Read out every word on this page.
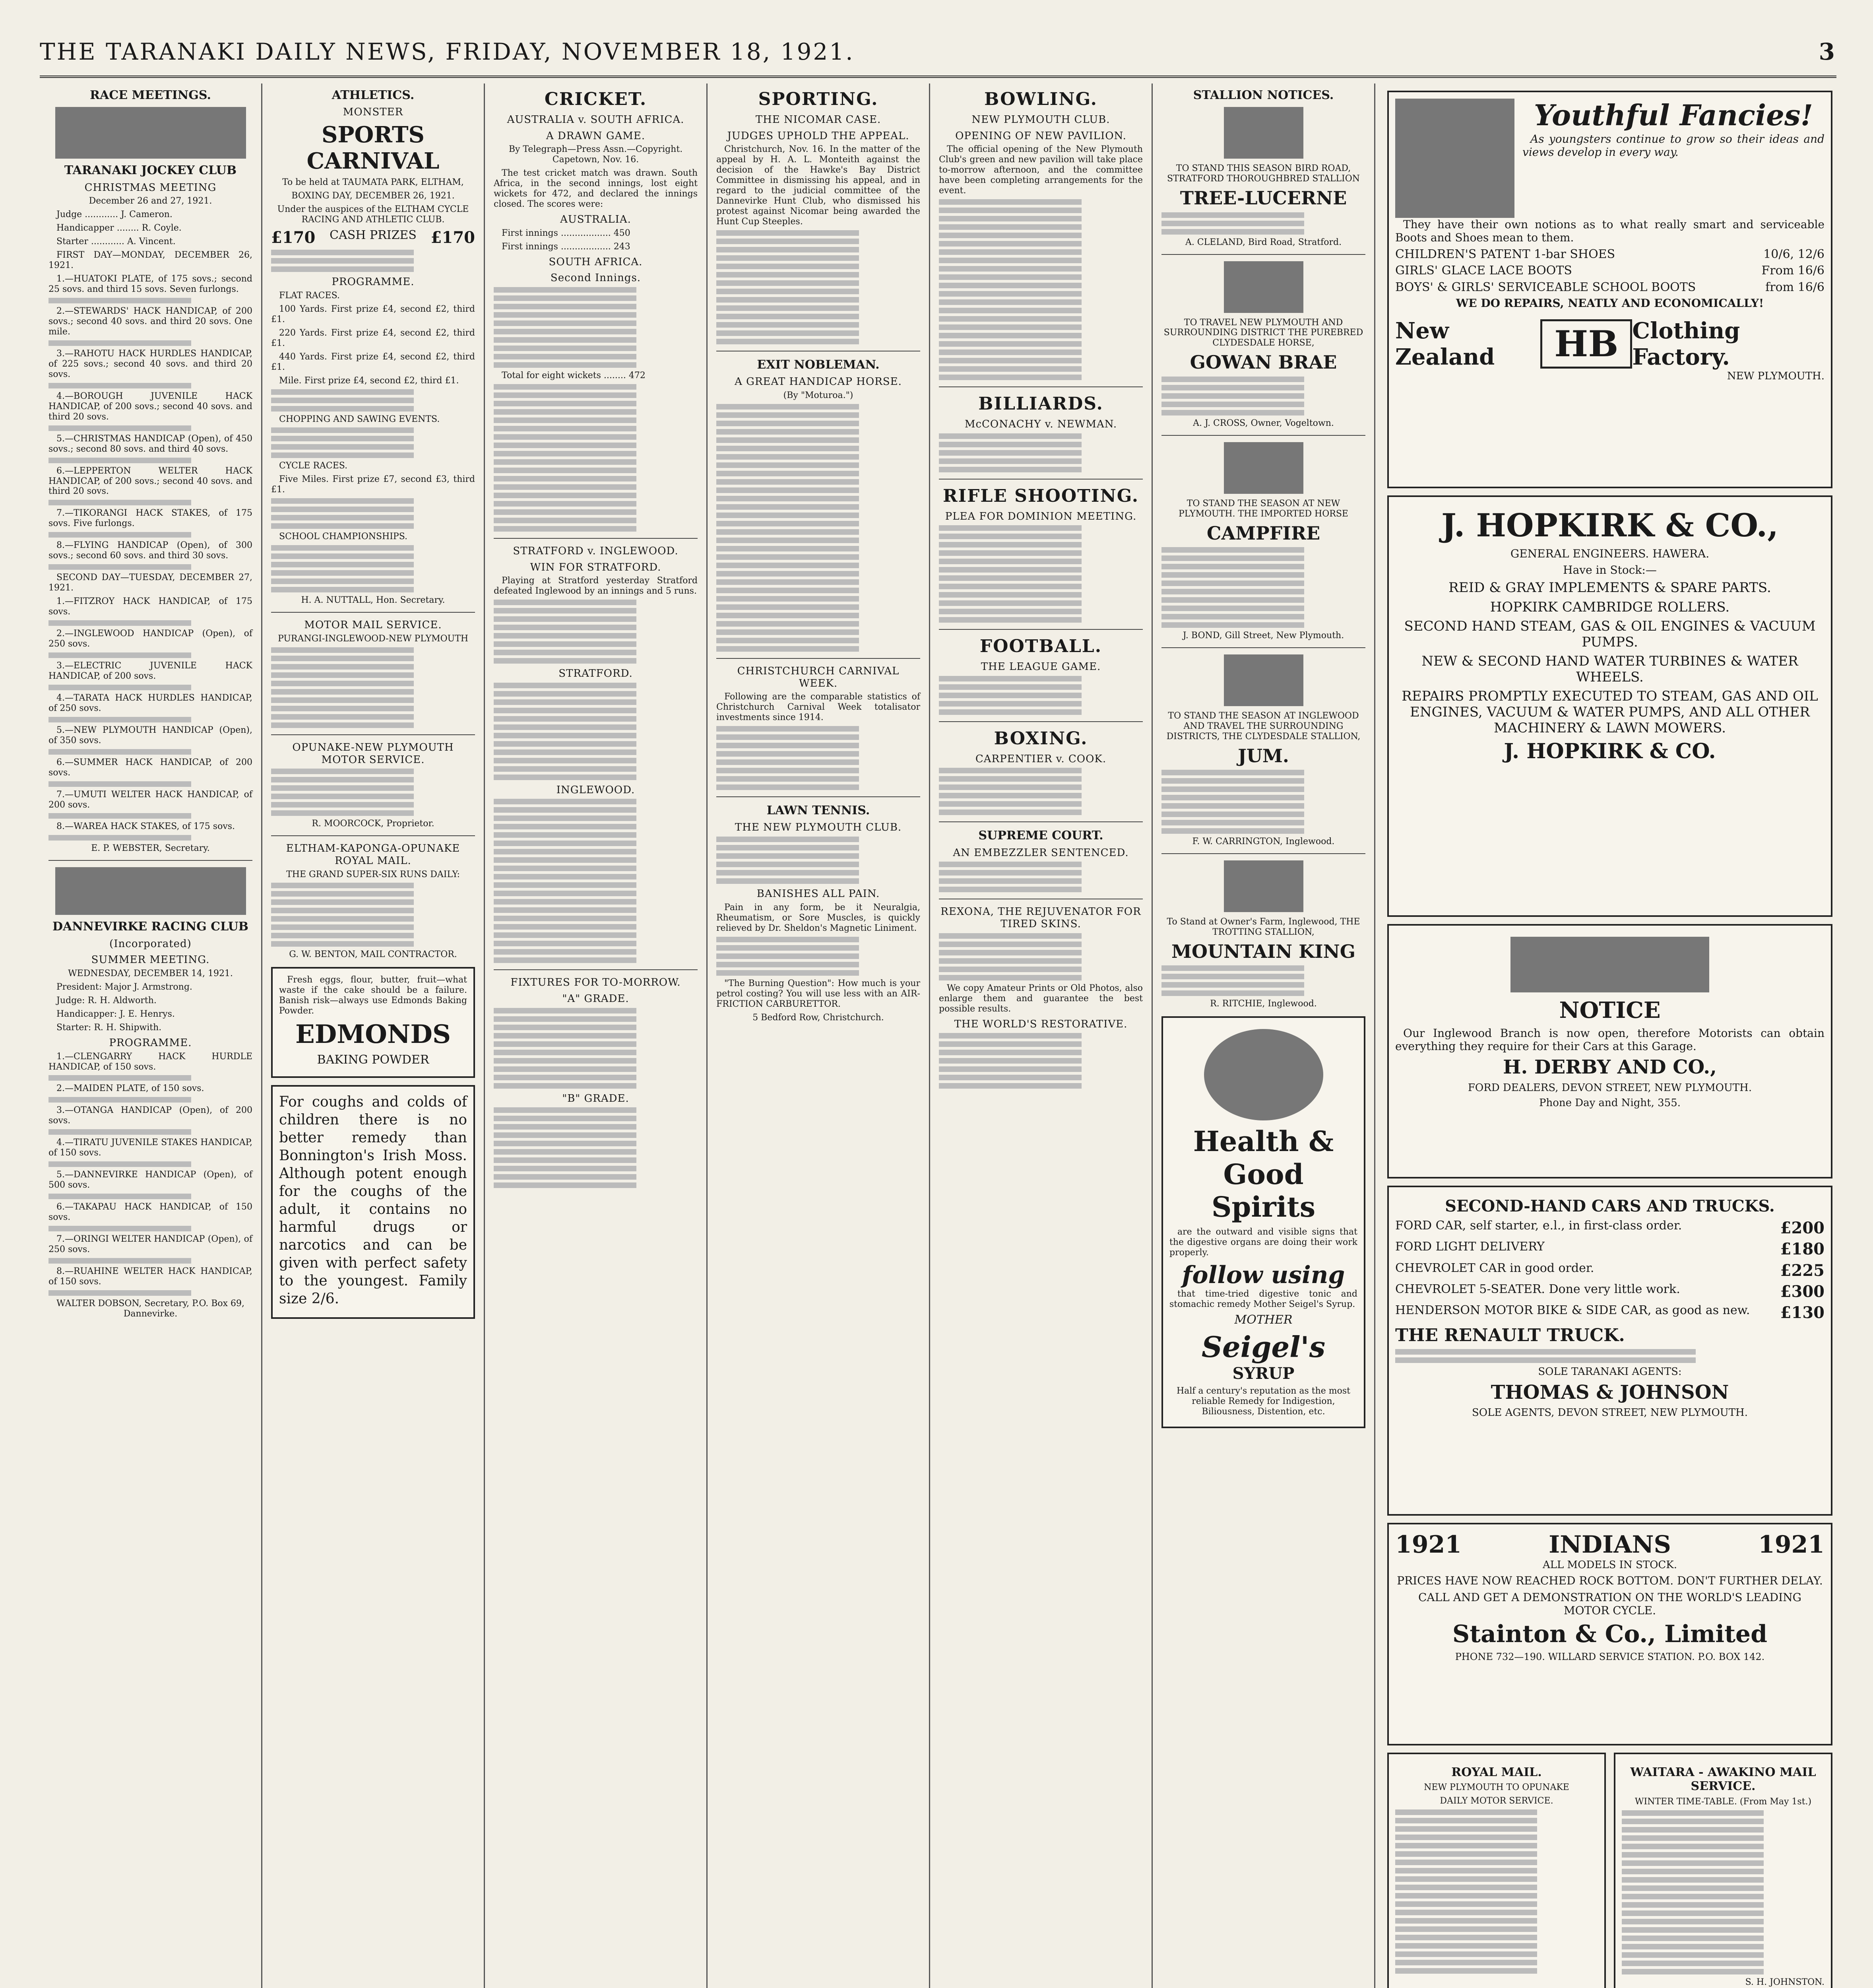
THE TARANAKI DAILY NEWS, FRIDAY, NOVEMBER 18, 1921.	3
RACE MEETINGS.
TARANAKI JOCKEY CLUB
CHRISTMAS MEETING

December 26 and 27, 1921.

Judge ............ J. Cameron.

Handicapper ........ R. Coyle.

Starter ............ A. Vincent.

FIRST DAY—MONDAY, DECEMBER 26, 1921.

1.—HUATOKI PLATE, of 175 sovs.; second 25 sovs. and third 15 sovs. Seven furlongs.

2.—STEWARDS' HACK HANDICAP, of 200 sovs.; second 40 sovs. and third 20 sovs. One mile.

3.—RAHOTU HACK HURDLES HANDICAP, of 225 sovs.; second 40 sovs. and third 20 sovs.

4.—BOROUGH JUVENILE HACK HANDICAP, of 200 sovs.; second 40 sovs. and third 20 sovs.

5.—CHRISTMAS HANDICAP (Open), of 450 sovs.; second 80 sovs. and third 40 sovs.

6.—LEPPERTON WELTER HACK HANDICAP, of 200 sovs.; second 40 sovs. and third 20 sovs.

7.—TIKORANGI HACK STAKES, of 175 sovs. Five furlongs.

8.—FLYING HANDICAP (Open), of 300 sovs.; second 60 sovs. and third 30 sovs.

SECOND DAY—TUESDAY, DECEMBER 27, 1921.

1.—FITZROY HACK HANDICAP, of 175 sovs.

2.—INGLEWOOD HANDICAP (Open), of 250 sovs.

3.—ELECTRIC JUVENILE HACK HANDICAP, of 200 sovs.

4.—TARATA HACK HURDLES HANDICAP, of 250 sovs.

5.—NEW PLYMOUTH HANDICAP (Open), of 350 sovs.

6.—SUMMER HACK HANDICAP, of 200 sovs.

7.—UMUTI WELTER HACK HANDICAP, of 200 sovs.

8.—WAREA HACK STAKES, of 175 sovs.

E. P. WEBSTER, Secretary.

DANNEVIRKE RACING CLUB
(Incorporated)
SUMMER MEETING.

WEDNESDAY, DECEMBER 14, 1921.

President: Major J. Armstrong.

Judge: R. H. Aldworth.

Handicapper: J. E. Henrys.

Starter: R. H. Shipwith.

PROGRAMME.

1.—CLENGARRY HACK HURDLE HANDICAP, of 150 sovs.

2.—MAIDEN PLATE, of 150 sovs.

3.—OTANGA HANDICAP (Open), of 200 sovs.

4.—TIRATU JUVENILE STAKES HANDICAP, of 150 sovs.

5.—DANNEVIRKE HANDICAP (Open), of 500 sovs.

6.—TAKAPAU HACK HANDICAP, of 150 sovs.

7.—ORINGI WELTER HANDICAP (Open), of 250 sovs.

8.—RUAHINE WELTER HACK HANDICAP, of 150 sovs.

WALTER DOBSON, Secretary, P.O. Box 69, Dannevirke.

ATHLETICS.
MONSTER
SPORTS CARNIVAL

To be held at TAUMATA PARK, ELTHAM,

BOXING DAY, DECEMBER 26, 1921.

Under the auspices of the ELTHAM CYCLE RACING AND ATHLETIC CLUB.

£170 CASH PRIZES £170
PROGRAMME.

FLAT RACES.

100 Yards. First prize £4, second £2, third £1.

220 Yards. First prize £4, second £2, third £1.

440 Yards. First prize £4, second £2, third £1.

Mile. First prize £4, second £2, third £1.

CHOPPING AND SAWING EVENTS.

CYCLE RACES.

Five Miles. First prize £7, second £3, third £1.

SCHOOL CHAMPIONSHIPS.

H. A. NUTTALL, Hon. Secretary.

MOTOR MAIL SERVICE.

PURANGI-INGLEWOOD-NEW PLYMOUTH

OPUNAKE-NEW PLYMOUTH MOTOR SERVICE.

R. MOORCOCK, Proprietor.

ELTHAM-KAPONGA-OPUNAKE ROYAL MAIL.

THE GRAND SUPER-SIX RUNS DAILY:

G. W. BENTON, MAIL CONTRACTOR.

Fresh eggs, flour, butter, fruit—what waste if the cake should be a failure. Banish risk—always use Edmonds Baking Powder.

EDMONDS

BAKING POWDER

For coughs and colds of children there is no better remedy than Bonnington's Irish Moss. Although potent enough for the coughs of the adult, it contains no harmful drugs or narcotics and can be given with perfect safety to the youngest. Family size 2/6.

CRICKET.
AUSTRALIA v. SOUTH AFRICA.
A DRAWN GAME.

By Telegraph—Press Assn.—Copyright. Capetown, Nov. 16.

The test cricket match was drawn. South Africa, in the second innings, lost eight wickets for 472, and declared the innings closed. The scores were:

AUSTRALIA.

First innings .................. 450

First innings .................. 243

SOUTH AFRICA.
Second Innings.

Total for eight wickets ........ 472

STRATFORD v. INGLEWOOD.
WIN FOR STRATFORD.

Playing at Stratford yesterday Stratford defeated Inglewood by an innings and 5 runs.

STRATFORD.
INGLEWOOD.
FIXTURES FOR TO-MORROW.
"A" GRADE.
"B" GRADE.
SPORTING.
THE NICOMAR CASE.
JUDGES UPHOLD THE APPEAL.

Christchurch, Nov. 16. In the matter of the appeal by H. A. L. Monteith against the decision of the Hawke's Bay District Committee in dismissing his appeal, and in regard to the judicial committee of the Dannevirke Hunt Club, who dismissed his protest against Nicomar being awarded the Hunt Cup Steeples.

EXIT NOBLEMAN.
A GREAT HANDICAP HORSE.

(By "Moturoa.")

CHRISTCHURCH CARNIVAL WEEK.

Following are the comparable statistics of Christchurch Carnival Week totalisator investments since 1914.

LAWN TENNIS.
THE NEW PLYMOUTH CLUB.
BANISHES ALL PAIN.

Pain in any form, be it Neuralgia, Rheumatism, or Sore Muscles, is quickly relieved by Dr. Sheldon's Magnetic Liniment.

"The Burning Question": How much is your petrol costing? You will use less with an AIR-FRICTION CARBURETTOR.

5 Bedford Row, Christchurch.

BOWLING.
NEW PLYMOUTH CLUB.
OPENING OF NEW PAVILION.

The official opening of the New Plymouth Club's green and new pavilion will take place to-morrow afternoon, and the committee have been completing arrangements for the event.

BILLIARDS.
McCONACHY v. NEWMAN.
RIFLE SHOOTING.
PLEA FOR DOMINION MEETING.
FOOTBALL.
THE LEAGUE GAME.
BOXING.
CARPENTIER v. COOK.
SUPREME COURT.
AN EMBEZZLER SENTENCED.
REXONA, THE REJUVENATOR FOR TIRED SKINS.

We copy Amateur Prints or Old Photos, also enlarge them and guarantee the best possible results.

THE WORLD'S RESTORATIVE.
STALLION NOTICES.

TO STAND THIS SEASON BIRD ROAD, STRATFORD THOROUGHBRED STALLION

TREE-LUCERNE

A. CLELAND, Bird Road, Stratford.

TO TRAVEL NEW PLYMOUTH AND SURROUNDING DISTRICT THE PUREBRED CLYDESDALE HORSE,

GOWAN BRAE

A. J. CROSS, Owner, Vogeltown.

TO STAND THE SEASON AT NEW PLYMOUTH. THE IMPORTED HORSE

CAMPFIRE

J. BOND, Gill Street, New Plymouth.

TO STAND THE SEASON AT INGLEWOOD AND TRAVEL THE SURROUNDING DISTRICTS, THE CLYDESDALE STALLION,

JUM.

F. W. CARRINGTON, Inglewood.

To Stand at Owner's Farm, Inglewood, THE TROTTING STALLION,

MOUNTAIN KING

R. RITCHIE, Inglewood.

Health & Good Spirits

are the outward and visible signs that the digestive organs are doing their work properly.

follow using

that time-tried digestive tonic and stomachic remedy Mother Seigel's Syrup.

MOTHER

Seigel's

SYRUP

Half a century's reputation as the most reliable Remedy for Indigestion, Biliousness, Distention, etc.

Youthful Fancies!

As youngsters continue to grow so their ideas and views develop in every way.

They have their own notions as to what really smart and serviceable Boots and Shoes mean to them.

CHILDREN'S PATENT 1-bar SHOES	10/6, 12/6
GIRLS' GLACE LACE BOOTS	From 16/6
BOYS' & GIRLS' SERVICEABLE SCHOOL BOOTS	from 16/6

WE DO REPAIRS, NEATLY AND ECONOMICALLY!

New Zealand	HB Clothing Factory.

NEW PLYMOUTH.

J. HOPKIRK & CO.,

GENERAL ENGINEERS. HAWERA.

Have in Stock:—

REID & GRAY IMPLEMENTS & SPARE PARTS.

HOPKIRK CAMBRIDGE ROLLERS.

SECOND HAND STEAM, GAS & OIL ENGINES & VACUUM PUMPS.

NEW & SECOND HAND WATER TURBINES & WATER WHEELS.

REPAIRS PROMPTLY EXECUTED TO STEAM, GAS AND OIL ENGINES, VACUUM & WATER PUMPS, AND ALL OTHER MACHINERY & LAWN MOWERS.

J. HOPKIRK & CO.
NOTICE

Our Inglewood Branch is now open, therefore Motorists can obtain everything they require for their Cars at this Garage.

H. DERBY AND CO.,

FORD DEALERS, DEVON STREET, NEW PLYMOUTH.

Phone Day and Night, 355.

SECOND-HAND CARS AND TRUCKS.
FORD CAR, self starter, e.l., in first-class order.	£200
FORD LIGHT DELIVERY	£180
CHEVROLET CAR in good order.	£225
CHEVROLET 5-SEATER. Done very little work.	£300
HENDERSON MOTOR BIKE & SIDE CAR, as good as new. £130
THE RENAULT TRUCK.

SOLE TARANAKI AGENTS:

THOMAS & JOHNSON

SOLE AGENTS, DEVON STREET, NEW PLYMOUTH.

1921	INDIANS	1921

ALL MODELS IN STOCK.

PRICES HAVE NOW REACHED ROCK BOTTOM. DON'T FURTHER DELAY.

CALL AND GET A DEMONSTRATION ON THE WORLD'S LEADING MOTOR CYCLE.

Stainton & Co., Limited

PHONE 732—190. WILLARD SERVICE STATION. P.O. BOX 142.

ROYAL MAIL.

NEW PLYMOUTH TO OPUNAKE

DAILY MOTOR SERVICE.

WAITARA - AWAKINO MAIL SERVICE.

WINTER TIME-TABLE. (From May 1st.)

S. H. JOHNSTON.
